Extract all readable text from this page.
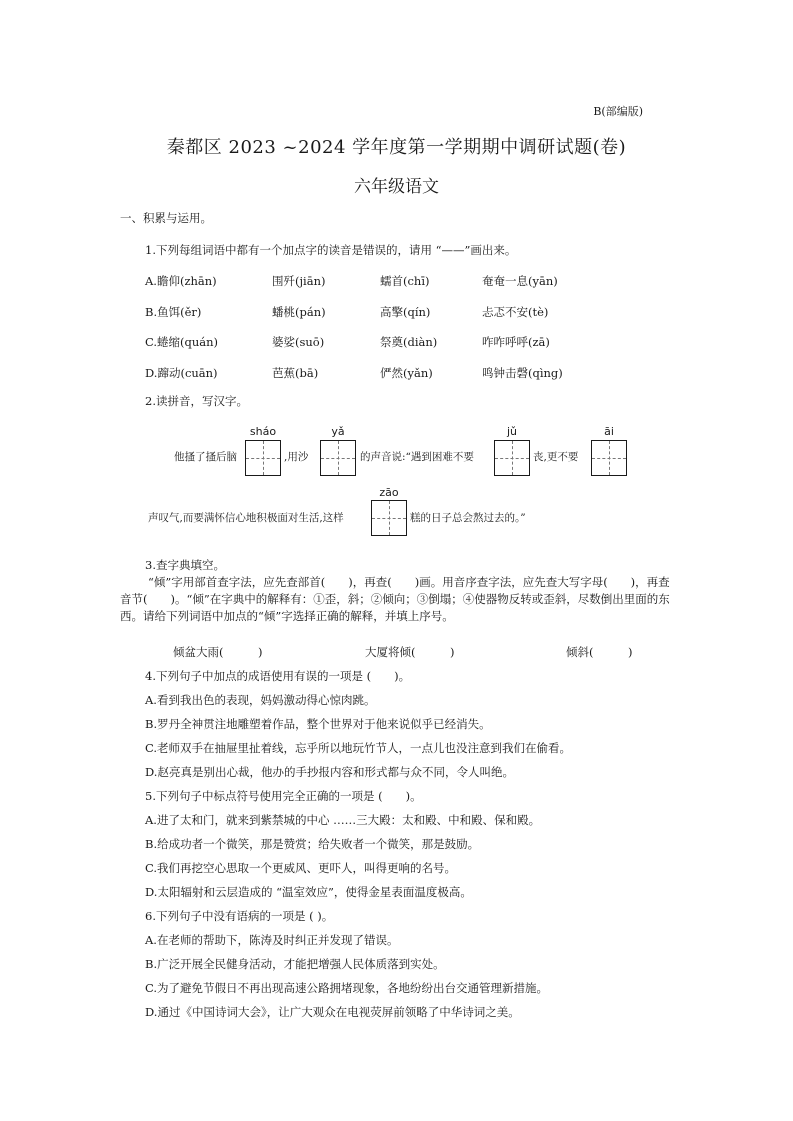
B(部编版)
秦都区 2023 ~2024 学年度第一学期期中调研试题(卷)
六年级语文
一、积累与运用。
1.下列每组词语中都有一个加点字的读音是错误的，请用 “——”画出来。
A.瞻仰(zhān)	围歼(jiān)	蠕首(chī)	奄奄一息(yān)
B.鱼饵(ěr)	蟠桃(pán)	高擎(qín)	忐忑不安(tè)
C.蜷缩(quán)	婆娑(suō)	祭奠(diàn)	咋咋呼呼(zā)
D.蹿动(cuān)	芭蕉(bā)	俨然(yǎn)	鸣钟击磬(qìng)
2.读拼音，写汉字。
sháo	yǎ	jǔ	āi
他搔了搔后脑	,用沙	的声音说:“遇到困难不要	丧,更不要
zāo
声叹气,而要满怀信心地积极面对生活,这样	糕的日子总会熬过去的。”
3.查字典填空。
“倾”字用部首查字法，应先查部首(　　)，再查(　　)画。用音序查字法，应先查大写字母(　　)，再查音节(　　)。“倾”在字典中的解释有：①歪，斜；②倾向；③倒塌；④使器物反转或歪斜，尽数倒出里面的东西。请给下列词语中加点的“倾”字选择正确的解释，并填上序号。
倾盆大雨(　　　)	大厦将倾(　　　)	倾斜(　　　)
4.下列句子中加点的成语使用有误的一项是 (　　)。
A.看到我出色的表现，妈妈激动得心惊肉跳。
B.罗丹全神贯注地雕塑着作品，整个世界对于他来说似乎已经消失。
C.老师双手在抽屉里扯着线，忘乎所以地玩竹节人，一点儿也没注意到我们在偷看。
D.赵亮真是别出心裁，他办的手抄报内容和形式都与众不同，令人叫绝。
5.下列句子中标点符号使用完全正确的一项是 (　　)。
A.进了太和门，就来到紫禁城的中心 ……三大殿：太和殿、中和殿、保和殿。
B.给成功者一个微笑，那是赞赏；给失败者一个微笑，那是鼓励。
C.我们再挖空心思取一个更威风、更吓人，叫得更响的名号。
D.太阳辐射和云层造成的 “温室效应”，使得金星表面温度极高。
6.下列句子中没有语病的一项是 ( )。
A.在老师的帮助下，陈涛及时纠正并发现了错误。
B.广泛开展全民健身活动，才能把增强人民体质落到实处。
C.为了避免节假日不再出现高速公路拥堵现象，各地纷纷出台交通管理新措施。
D.通过《中国诗词大会》，让广大观众在电视荧屏前领略了中华诗词之美。
